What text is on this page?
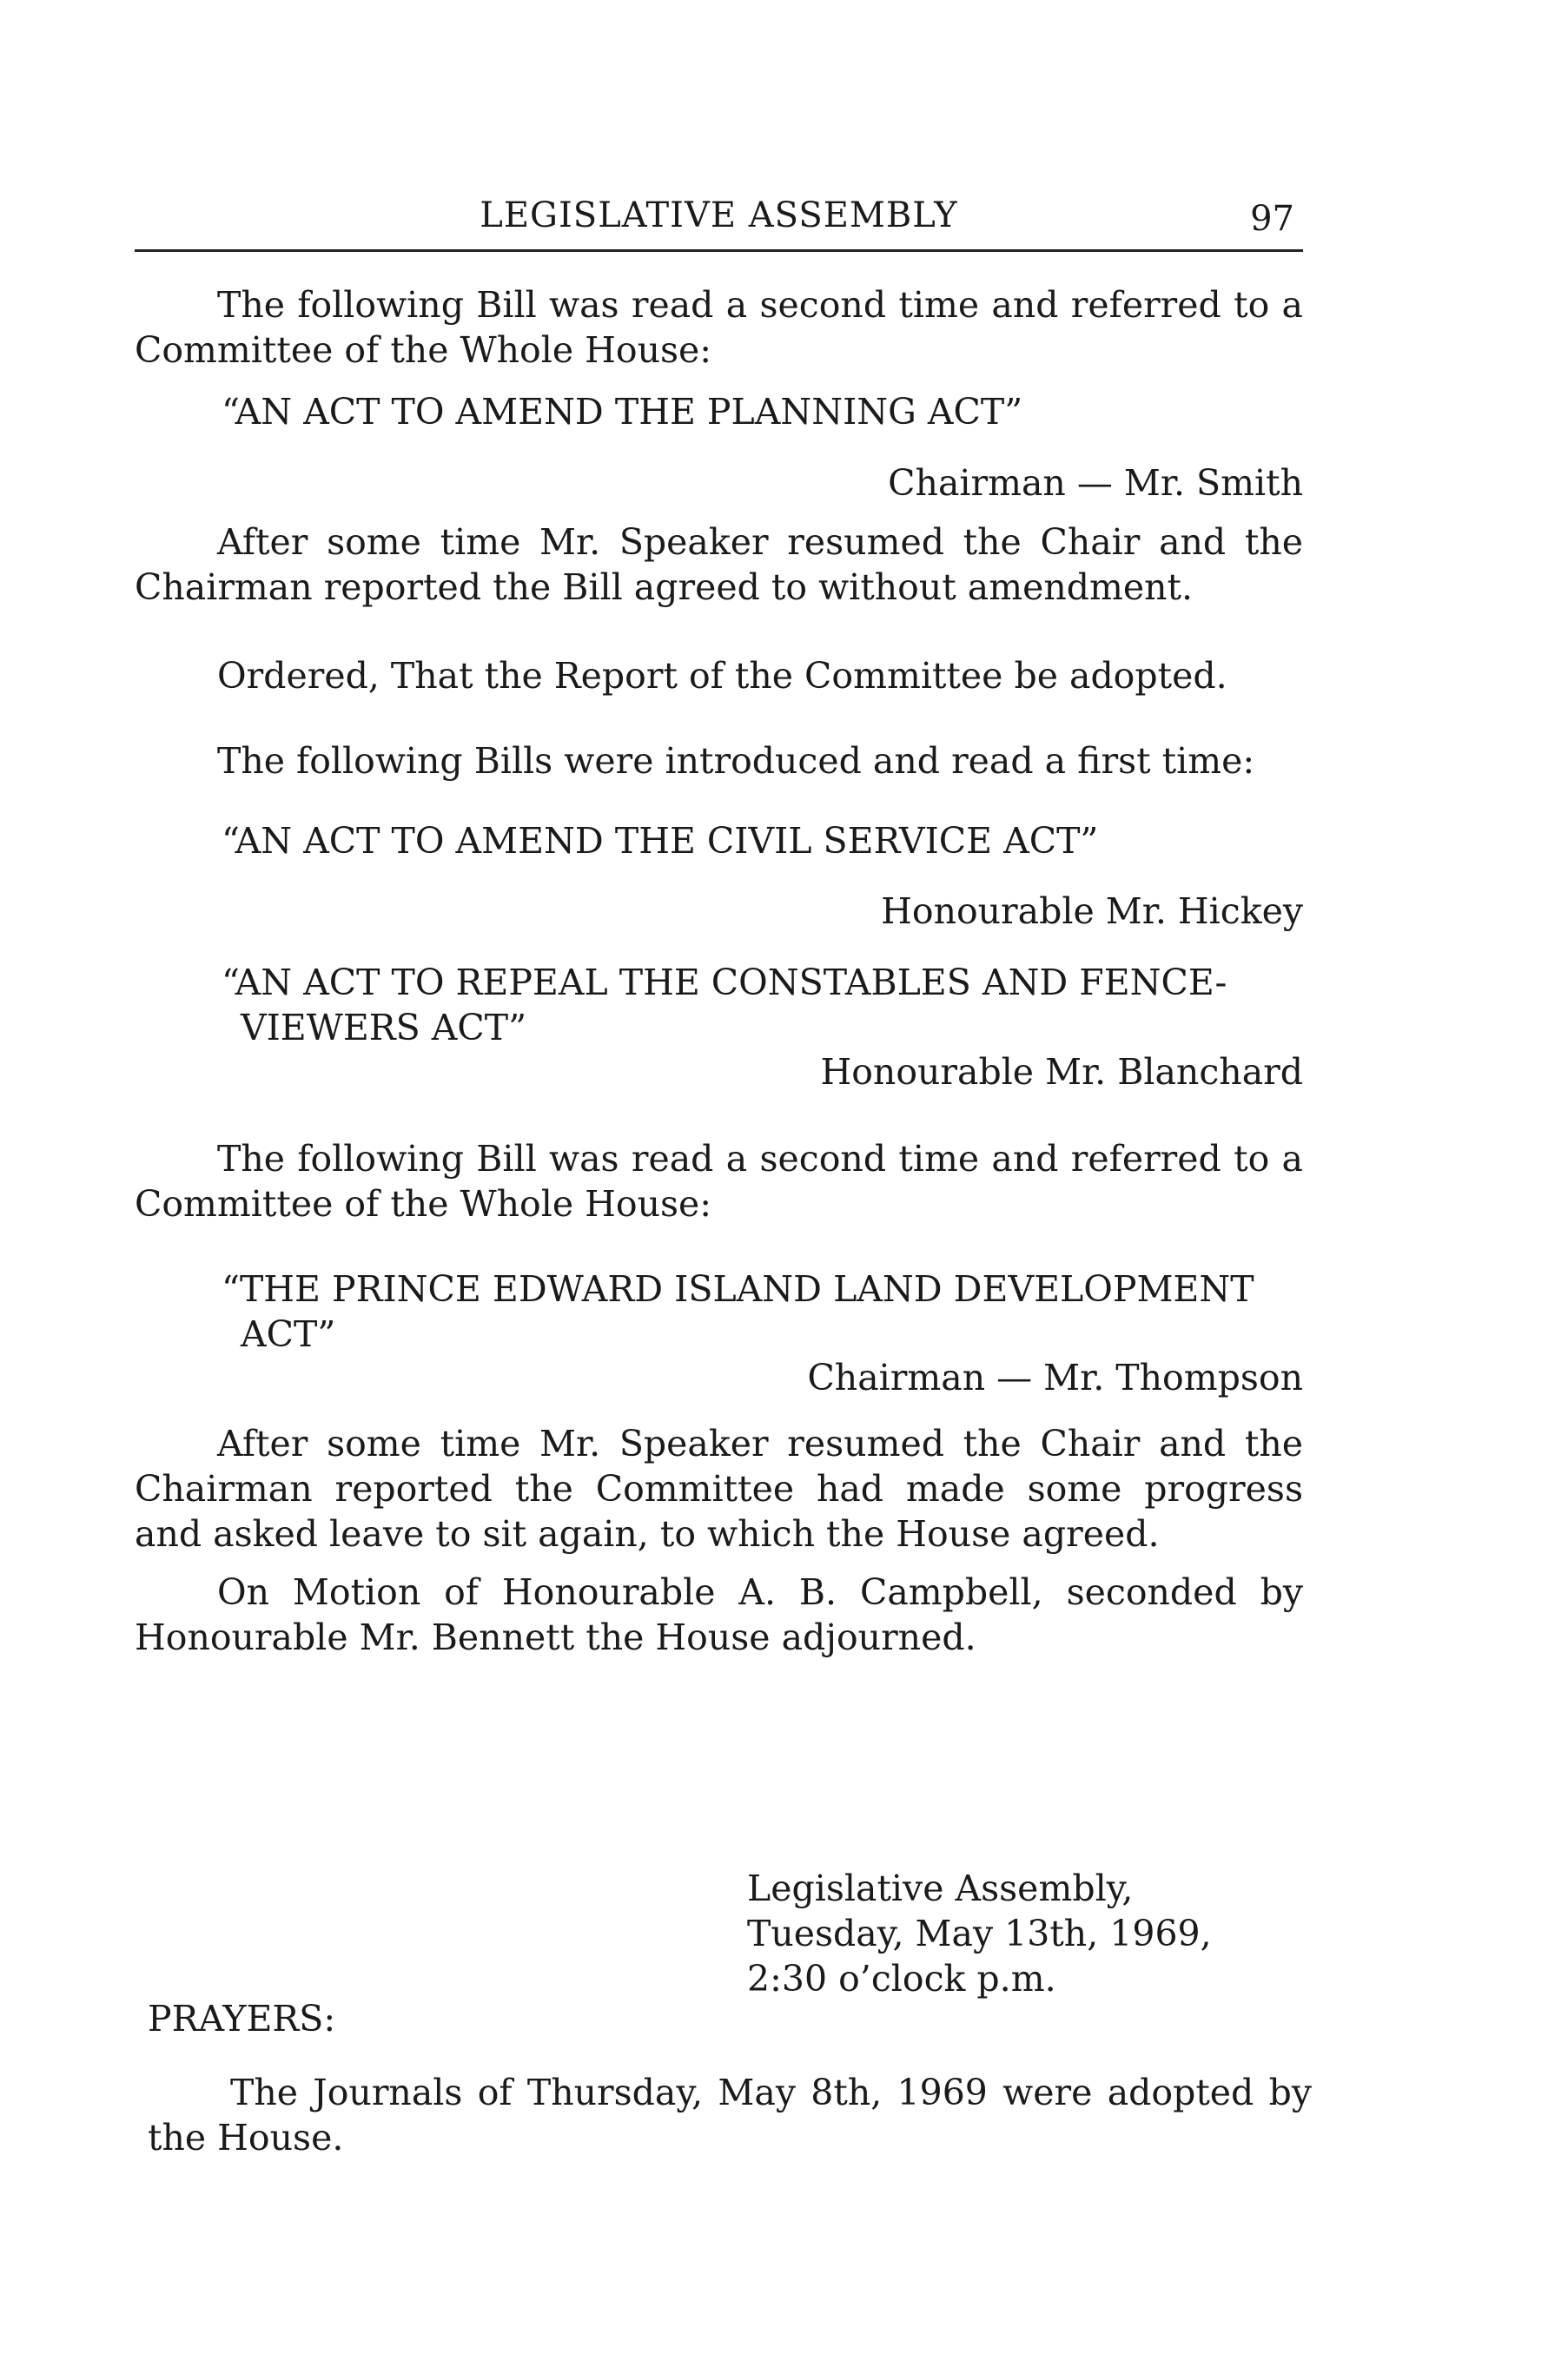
LEGISLATIVE ASSEMBLY	97

The following Bill was read a second time and referred to a Committee of the Whole House:

“AN ACT TO AMEND THE PLANNING ACT”
Chairman — Mr. Smith

After some time Mr. Speaker resumed the Chair and the Chairman reported the Bill agreed to without amendment.

Ordered, That the Report of the Committee be adopted.

The following Bills were introduced and read a first time:

“AN ACT TO AMEND THE CIVIL SERVICE ACT”
Honourable Mr. Hickey
“AN ACT TO REPEAL THE CONSTABLES AND FENCE-
VIEWERS ACT”
Honourable Mr. Blanchard

The following Bill was read a second time and referred to a Committee of the Whole House:

“THE PRINCE EDWARD ISLAND LAND DEVELOPMENT
ACT”
Chairman — Mr. Thompson

After some time Mr. Speaker resumed the Chair and the Chairman reported the Committee had made some progress and asked leave to sit again, to which the House agreed.

On Motion of Honourable A. B. Campbell, seconded by Honourable Mr. Bennett the House adjourned.

Legislative Assembly,
Tuesday, May 13th, 1969,
2:30 o’clock p.m.
PRAYERS:

The Journals of Thursday, May 8th, 1969 were adopted by the House.
